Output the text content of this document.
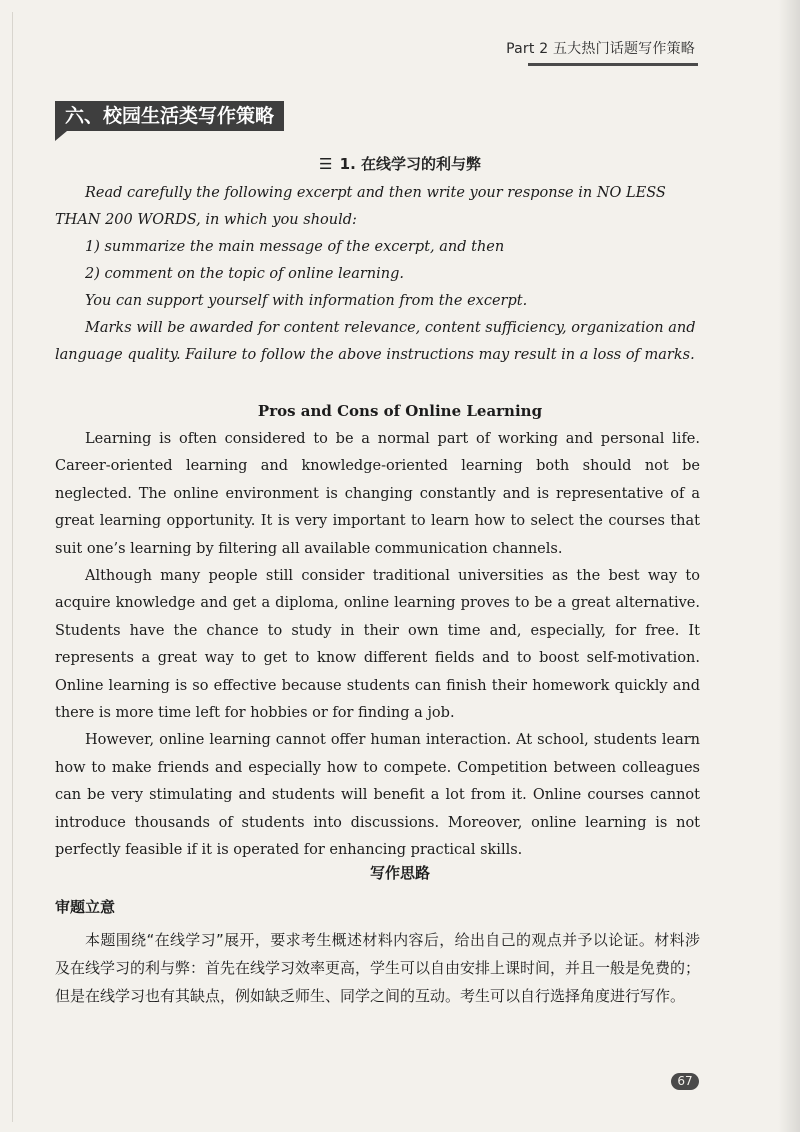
Part 2 五大热门话题写作策略
六、校园生活类写作策略
☰ 1. 在线学习的利与弊

Read carefully the following excerpt and then write your response in NO LESS THAN 200 WORDS, in which you should:

1) summarize the main message of the excerpt, and then

2) comment on the topic of online learning.

You can support yourself with information from the excerpt.

Marks will be awarded for content relevance, content sufficiency, organization and language quality. Failure to follow the above instructions may result in a loss of marks.

Pros and Cons of Online Learning

Learning is often considered to be a normal part of working and personal life. Career-oriented learning and knowledge-oriented learning both should not be neglected. The online environment is changing constantly and is representative of a great learning opportunity. It is very important to learn how to select the courses that suit one’s learning by filtering all available communication channels.

Although many people still consider traditional universities as the best way to acquire knowledge and get a diploma, online learning proves to be a great alternative. Students have the chance to study in their own time and, especially, for free. It represents a great way to get to know different fields and to boost self-motivation. Online learning is so effective because students can finish their homework quickly and there is more time left for hobbies or for finding a job.

However, online learning cannot offer human interaction. At school, students learn how to make friends and especially how to compete. Competition between colleagues can be very stimulating and students will benefit a lot from it. Online courses cannot introduce thousands of students into discussions. Moreover, online learning is not perfectly feasible if it is operated for enhancing practical skills.

写作思路
审题立意

本题围绕“在线学习”展开，要求考生概述材料内容后，给出自己的观点并予以论证。材料涉及在线学习的利与弊：首先在线学习效率更高，学生可以自由安排上课时间，并且一般是免费的；但是在线学习也有其缺点，例如缺乏师生、同学之间的互动。考生可以自行选择角度进行写作。

67
